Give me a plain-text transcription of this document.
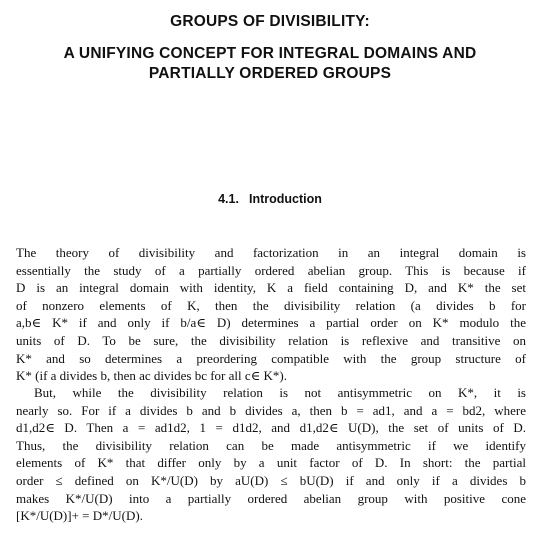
GROUPS OF DIVISIBILITY:
A UNIFYING CONCEPT FOR INTEGRAL DOMAINS AND
PARTIALLY ORDERED GROUPS
4.1. Introduction
The theory of divisibility and factorization in an integral domain is
essentially the study of a partially ordered abelian group. This is because if
D is an integral domain with identity, K a field containing D, and K* the set
of nonzero elements of K, then the divisibility relation (a divides b for
a,b∈ K* if and only if b/a∈ D) determines a partial order on K* modulo the
units of D. To be sure, the divisibility relation is reflexive and transitive on
K* and so determines a preordering compatible with the group structure of
K* (if a divides b, then ac divides bc for all c∈ K*).
But, while the divisibility relation is not antisymmetric on K*, it is
nearly so. For if a divides b and b divides a, then b = ad1, and a = bd2, where
d1,d2∈ D. Then a = ad1d2, 1 = d1d2, and d1,d2∈ U(D), the set of units of D.
Thus, the divisibility relation can be made antisymmetric if we identify
elements of K* that differ only by a unit factor of D. In short: the partial
order ≤ defined on K*/U(D) by aU(D) ≤ bU(D) if and only if a divides b
makes K*/U(D) into a partially ordered abelian group with positive cone
[K*/U(D)]+ = D*/U(D).
